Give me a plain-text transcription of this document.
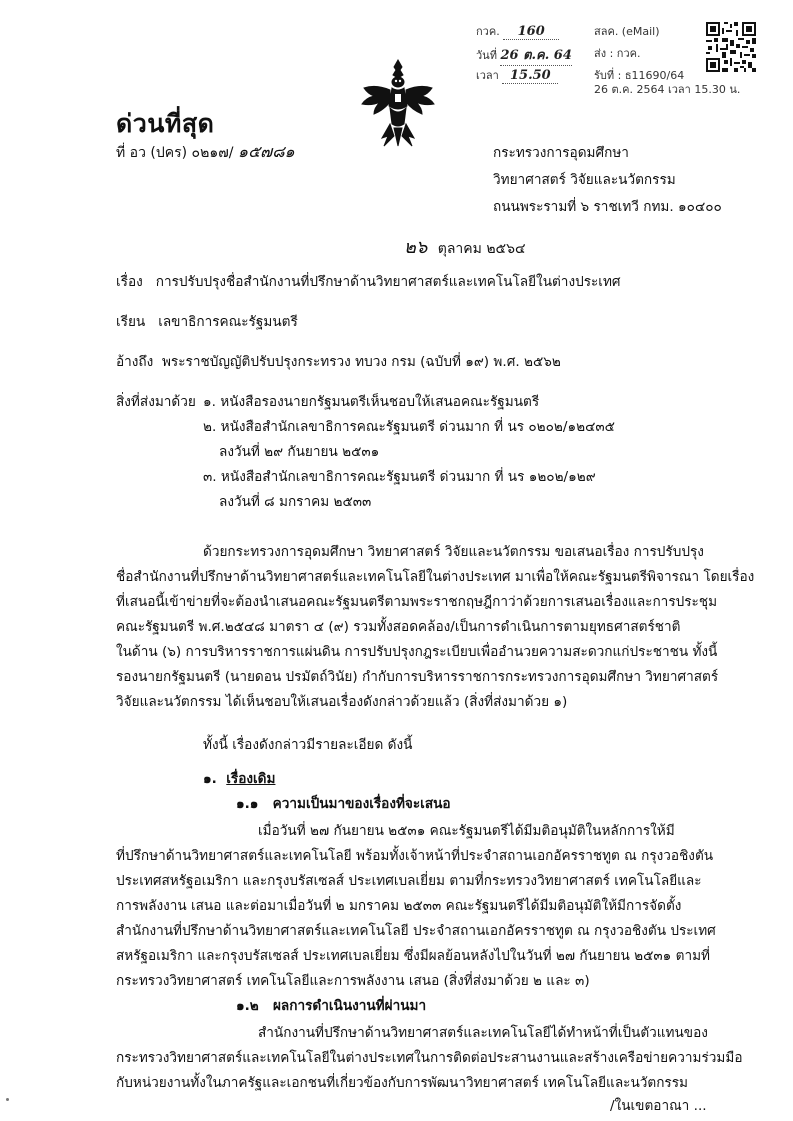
กวค. 160
วันที่ 26 ต.ค. 64
เวลา 15.50
สลค. (eMail)
ส่ง : กวค.
รับที่ : ธ11690/64
26 ต.ค. 2564 เวลา 15.30 น.
ด่วนที่สุด
ที่ อว (ปคร) ๐๒๑๗/ ๑๕๗๘๑	กระทรวงการอุดมศึกษา
วิทยาศาสตร์ วิจัยและนวัตกรรม
ถนนพระรามที่ ๖ ราชเทวี กทม. ๑๐๔๐๐
๒๖ ตุลาคม ๒๕๖๔
เรื่อง การปรับปรุงชื่อสำนักงานที่ปรึกษาด้านวิทยาศาสตร์และเทคโนโลยีในต่างประเทศ
เรียน เลขาธิการคณะรัฐมนตรี
อ้างถึง พระราชบัญญัติปรับปรุงกระทรวง ทบวง กรม (ฉบับที่ ๑๙) พ.ศ. ๒๕๖๒
สิ่งที่ส่งมาด้วย ๑. หนังสือรองนายกรัฐมนตรีเห็นชอบให้เสนอคณะรัฐมนตรี
๒. หนังสือสำนักเลขาธิการคณะรัฐมนตรี ด่วนมาก ที่ นร ๐๒๐๒/๑๒๔๓๕
ลงวันที่ ๒๙ กันยายน ๒๕๓๑
๓. หนังสือสำนักเลขาธิการคณะรัฐมนตรี ด่วนมาก ที่ นร ๑๒๐๒/๑๒๙
ลงวันที่ ๘ มกราคม ๒๕๓๓
ด้วยกระทรวงการอุดมศึกษา วิทยาศาสตร์ วิจัยและนวัตกรรม ขอเสนอเรื่อง การปรับปรุง
ชื่อสำนักงานที่ปรึกษาด้านวิทยาศาสตร์และเทคโนโลยีในต่างประเทศ มาเพื่อให้คณะรัฐมนตรีพิจารณา โดยเรื่อง
ที่เสนอนี้เข้าข่ายที่จะต้องนำเสนอคณะรัฐมนตรีตามพระราชกฤษฎีกาว่าด้วยการเสนอเรื่องและการประชุม
คณะรัฐมนตรี พ.ศ.๒๕๔๘ มาตรา ๔ (๙) รวมทั้งสอดคล้อง/เป็นการดำเนินการตามยุทธศาสตร์ชาติ
ในด้าน (๖) การบริหารราชการแผ่นดิน การปรับปรุงกฎระเบียบเพื่ออำนวยความสะดวกแก่ประชาชน ทั้งนี้
รองนายกรัฐมนตรี (นายดอน ปรมัตถ์วินัย) กำกับการบริหารราชการกระทรวงการอุดมศึกษา วิทยาศาสตร์
วิจัยและนวัตกรรม ได้เห็นชอบให้เสนอเรื่องดังกล่าวด้วยแล้ว (สิ่งที่ส่งมาด้วย ๑)
ทั้งนี้ เรื่องดังกล่าวมีรายละเอียด ดังนี้
๑. เรื่องเดิม
๑.๑ ความเป็นมาของเรื่องที่จะเสนอ
เมื่อวันที่ ๒๗ กันยายน ๒๕๓๑ คณะรัฐมนตรีได้มีมติอนุมัติในหลักการให้มี
ที่ปรึกษาด้านวิทยาศาสตร์และเทคโนโลยี พร้อมทั้งเจ้าหน้าที่ประจำสถานเอกอัครราชทูต ณ กรุงวอชิงตัน
ประเทศสหรัฐอเมริกา และกรุงบรัสเซลส์ ประเทศเบลเยี่ยม ตามที่กระทรวงวิทยาศาสตร์ เทคโนโลยีและ
การพลังงาน เสนอ และต่อมาเมื่อวันที่ ๒ มกราคม ๒๕๓๓ คณะรัฐมนตรีได้มีมติอนุมัติให้มีการจัดตั้ง
สำนักงานที่ปรึกษาด้านวิทยาศาสตร์และเทคโนโลยี ประจำสถานเอกอัครราชทูต ณ กรุงวอชิงตัน ประเทศ
สหรัฐอเมริกา และกรุงบรัสเซลส์ ประเทศเบลเยี่ยม ซึ่งมีผลย้อนหลังไปในวันที่ ๒๗ กันยายน ๒๕๓๑ ตามที่
กระทรวงวิทยาศาสตร์ เทคโนโลยีและการพลังงาน เสนอ (สิ่งที่ส่งมาด้วย ๒ และ ๓)
๑.๒ ผลการดำเนินงานที่ผ่านมา
สำนักงานที่ปรึกษาด้านวิทยาศาสตร์และเทคโนโลยีได้ทำหน้าที่เป็นตัวแทนของ
กระทรวงวิทยาศาสตร์และเทคโนโลยีในต่างประเทศในการติดต่อประสานงานและสร้างเครือข่ายความร่วมมือ
กับหน่วยงานทั้งในภาครัฐและเอกชนที่เกี่ยวข้องกับการพัฒนาวิทยาศาสตร์ เทคโนโลยีและนวัตกรรม
/ในเขตอาณา ...
